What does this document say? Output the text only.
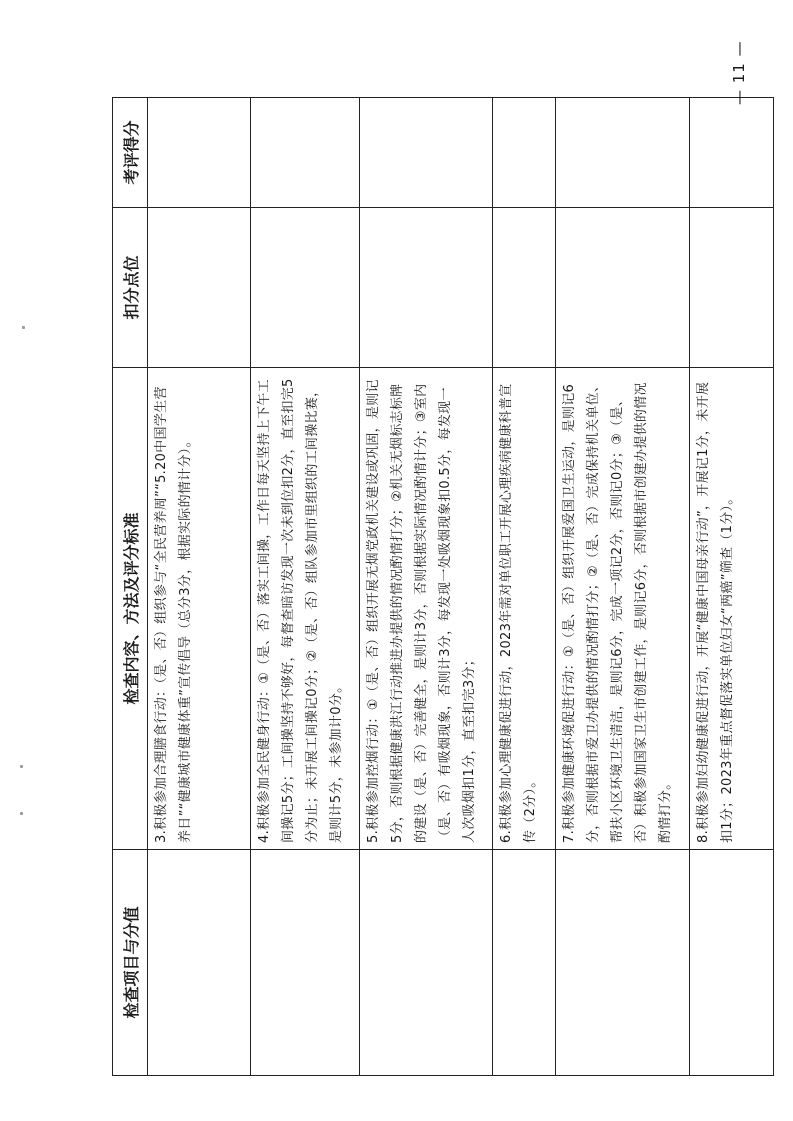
检查项目与分值	检查内容、方法及评分标准	扣分点位	考评得分
	3.积极参加合理膳食行动：（是、否）组织参与“全民营养周”“5.20中国学生营养日”“健康城市健康体重”宣传倡导（总分3分，根据实际的情计分）。		
	4.积极参加全民健身行动：①（是、否）落实工间操，工作日每天坚持上下午工间操记5分；工间操坚持不够好，每督查暗访发现一次未到位扣2分，直至扣完5分为止；未开展工间操记0分；②（是、否）组队参加市里组织的工间操比赛，是则计5分，未参加计0分。		
	5.积极参加控烟行动：①（是、否）组织开展无烟党政机关建设或巩固，是则记5分，否则根据健康洪江行动推进办提供的情况酌情打分；②机关无烟标志标牌的建设（是、否）完善健全，是则计3分，否则根据实际情况酌情计分；③室内（是、否）有吸烟现象，否则计3分，每发现一处吸烟现象扣0.5分，每发现一人次吸烟扣1分，直至扣完3分；		
	6.积极参加心理健康促进行动，2023年需对单位职工开展心理疾病健康科普宣传（2分）。		
	7.积极参加健康环境促进行动：①（是、否）组织开展爱国卫生运动，是则记6分，否则根据市爱卫办提供的情况酌情打分；②（是、否）完成保持机关单位、帮扶小区环境卫生清洁，是则记6分，完成一项记2分，否则记0分；③（是、否）积极参加国家卫生市创建工作，是则记6分，否则根据市创建办提供的情况酌情打分。		
	8.积极参加妇幼健康促进行动，开展“健康中国母亲行动”，开展记1分，未开展扣1分；2023年重点督促落实单位妇女“两癌”筛查（1分）。		
— 11 —
